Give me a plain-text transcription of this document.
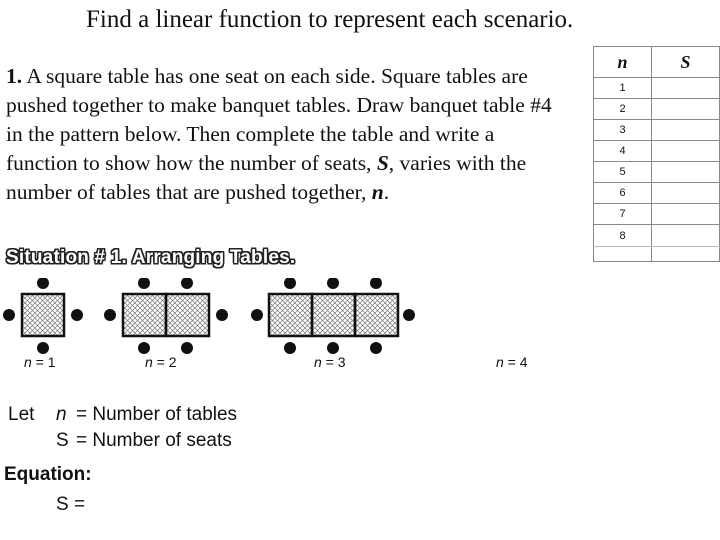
Find a linear function to represent each scenario.
1. A square table has one seat on each side. Square tables are pushed together to make banquet tables. Draw banquet table #4 in the pattern below. Then complete the table and write a function to show how the number of seats, S, varies with the number of tables that are pushed together, n.
Situation # 1. Arranging Tables.
n = 1	n = 2	n = 3	n = 4
Let	n = Number of tables
S = Number of seats
Equation:
S =
n	S
1	
2	
3	
4	
5	
6	
7	
8	
